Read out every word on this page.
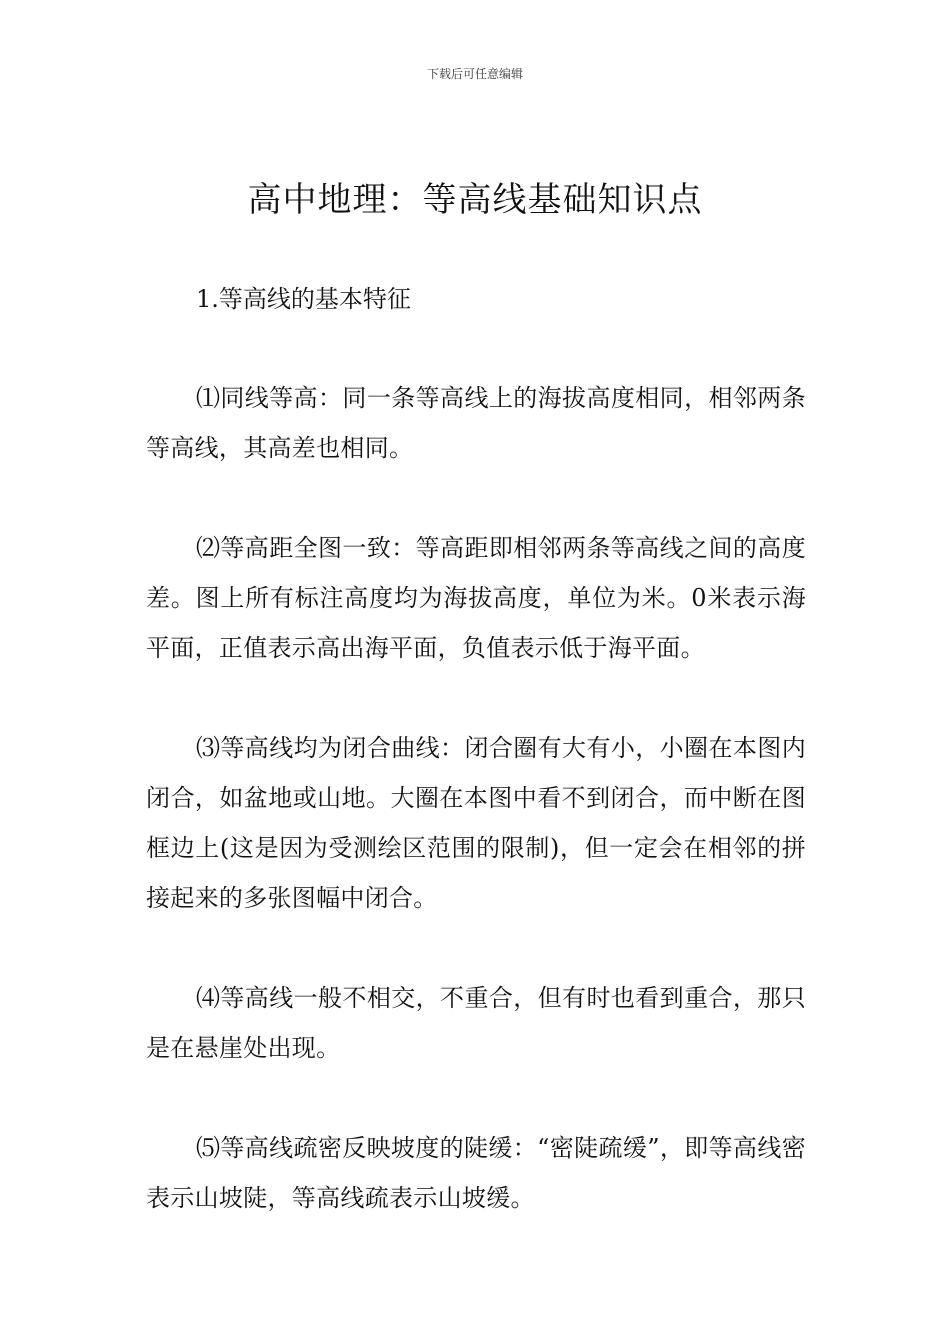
下载后可任意编辑
高中地理：等高线基础知识点
1.等高线的基本特征

⑴同线等高：同一条等高线上的海拔高度相同，相邻两条等高线，其高差也相同。

⑵等高距全图一致：等高距即相邻两条等高线之间的高度差。图上所有标注高度均为海拔高度，单位为米。0米表示海平面，正值表示高出海平面，负值表示低于海平面。

⑶等高线均为闭合曲线：闭合圈有大有小，小圈在本图内闭合，如盆地或山地。大圈在本图中看不到闭合，而中断在图框边上(这是因为受测绘区范围的限制)，但一定会在相邻的拼接起来的多张图幅中闭合。

⑷等高线一般不相交，不重合，但有时也看到重合，那只是在悬崖处出现。

⑸等高线疏密反映坡度的陡缓：“密陡疏缓”，即等高线密表示山坡陡，等高线疏表示山坡缓。
